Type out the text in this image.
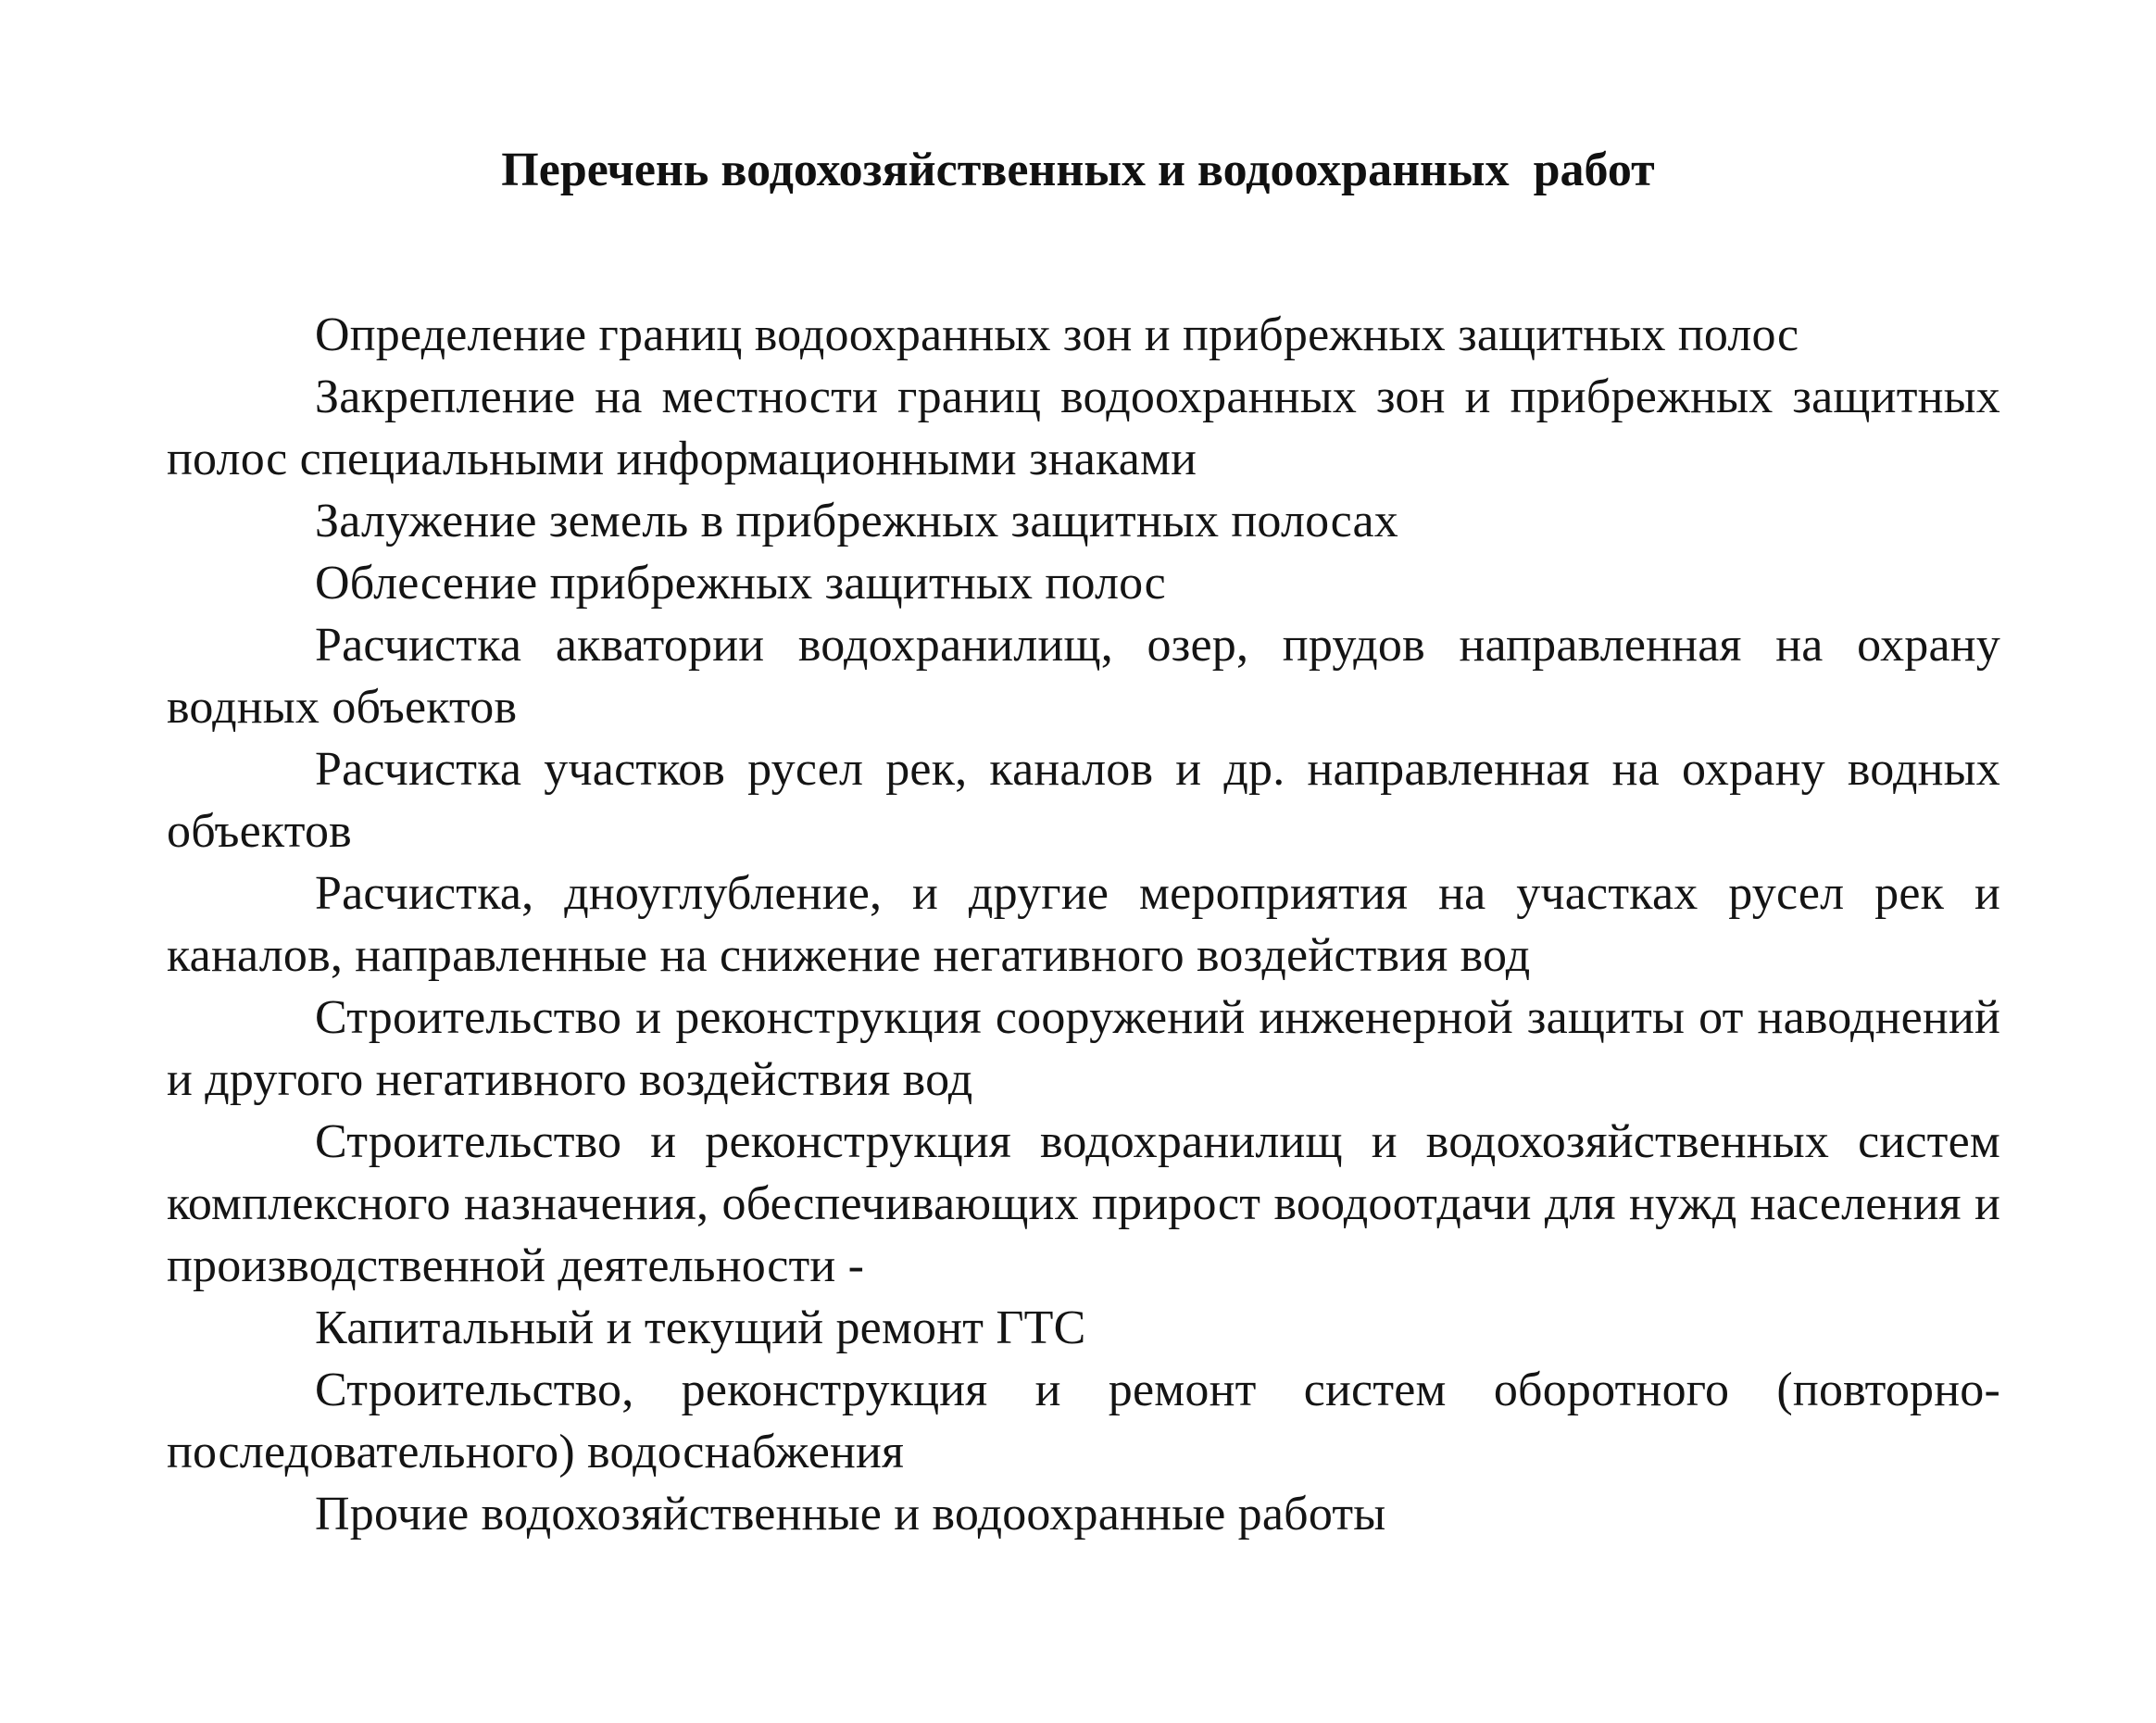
Перечень водохозяйственных и водоохранных  работ
Определение границ водоохранных зон и прибрежных защитных полос
Закрепление на местности границ водоохранных зон и прибрежных защитных полос специальными информационными знаками
Залужение земель в прибрежных защитных полосах
Облесение прибрежных защитных полос
Расчистка акватории водохранилищ, озер, прудов направленная на охрану водных объектов
Расчистка участков русел рек, каналов и др. направленная на охрану водных объектов
Расчистка, дноуглубление, и другие мероприятия на участках русел рек и каналов, направленные на снижение негативного воздействия вод
Строительство и реконструкция сооружений инженерной защиты от наводнений и другого негативного воздействия вод
Строительство и реконструкция водохранилищ и водохозяйственных систем комплексного назначения, обеспечивающих прирост воодоотдачи для нужд населения и производственной деятельности -
Капитальный и текущий ремонт ГТС
Строительство, реконструкция и ремонт систем оборотного (повторно-последовательного) водоснабжения
Прочие водохозяйственные и водоохранные работы
